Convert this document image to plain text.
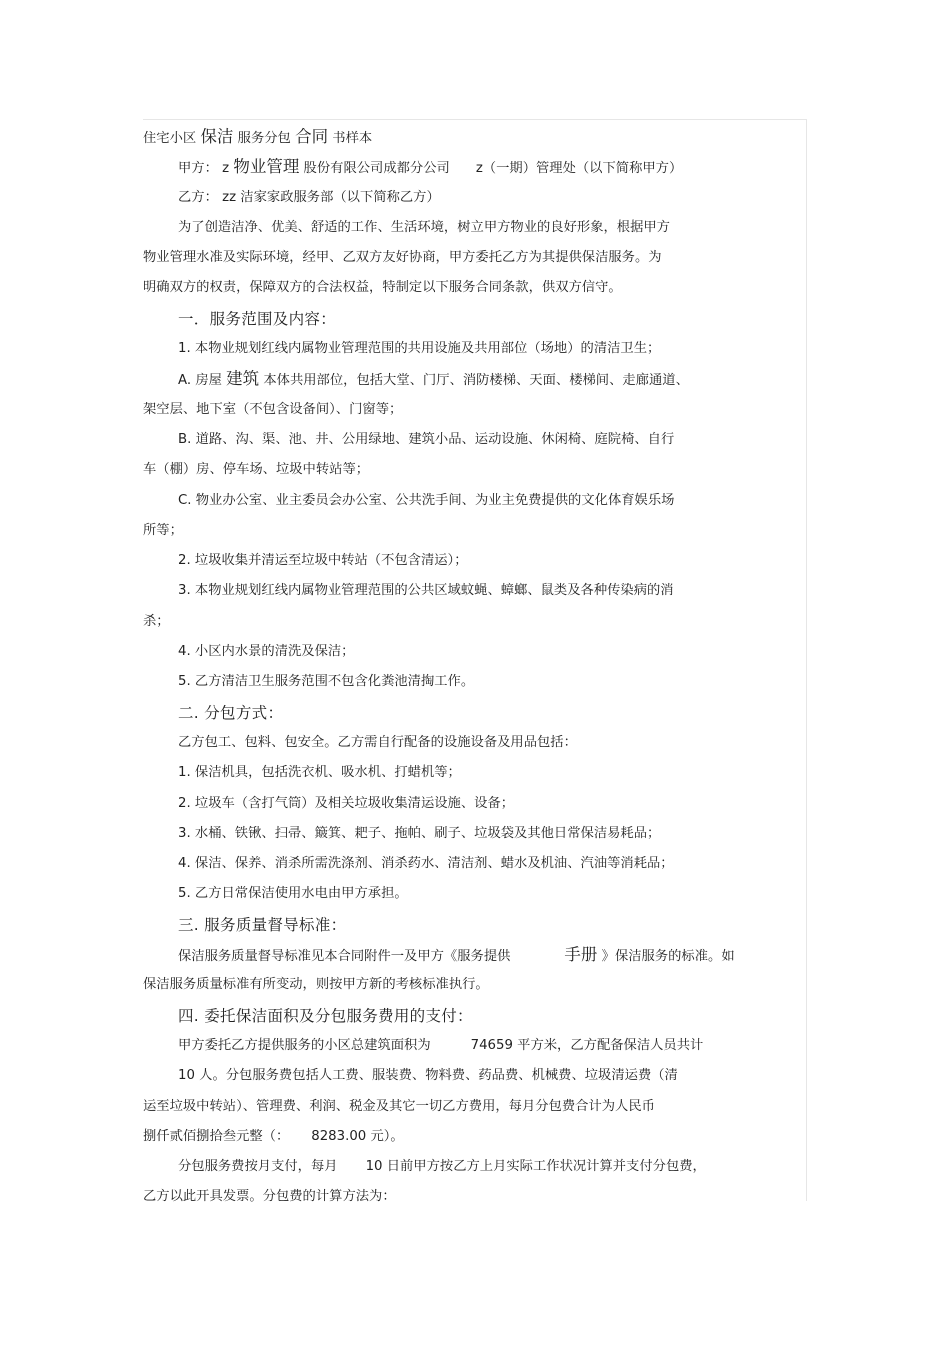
住宅小区 保洁 服务分包 合同 书样本

甲方： z 物业管理 股份有限公司成都分公司 z（一期）管理处（以下简称甲方）

乙方： zz 洁家家政服务部（以下简称乙方）

为了创造洁净、优美、舒适的工作、生活环境，树立甲方物业的良好形象，根据甲方

物业管理水准及实际环境，经甲、乙双方友好协商，甲方委托乙方为其提供保洁服务。为

明确双方的权责，保障双方的合法权益，特制定以下服务合同条款，供双方信守。

一．服务范围及内容：

1. 本物业规划红线内属物业管理范围的共用设施及共用部位（场地）的清洁卫生；

A. 房屋 建筑 本体共用部位，包括大堂、门厅、消防楼梯、天面、楼梯间、走廊通道、

架空层、地下室（不包含设备间）、门窗等；

B. 道路、沟、渠、池、井、公用绿地、建筑小品、运动设施、休闲椅、庭院椅、自行

车（棚）房、停车场、垃圾中转站等；

C. 物业办公室、业主委员会办公室、公共洗手间、为业主免费提供的文化体育娱乐场

所等；

2. 垃圾收集并清运至垃圾中转站（不包含清运）；

3. 本物业规划红线内属物业管理范围的公共区域蚊蝇、蟑螂、鼠类及各种传染病的消

杀；

4. 小区内水景的清洗及保洁；

5. 乙方清洁卫生服务范围不包含化粪池清掏工作。

二. 分包方式：

乙方包工、包料、包安全。乙方需自行配备的设施设备及用品包括：

1. 保洁机具，包括洗衣机、吸水机、打蜡机等；

2. 垃圾车（含打气筒）及相关垃圾收集清运设施、设备；

3. 水桶、铁锹、扫帚、簸箕、耙子、拖帕、刷子、垃圾袋及其他日常保洁易耗品；

4. 保洁、保养、消杀所需洗涤剂、消杀药水、清洁剂、蜡水及机油、汽油等消耗品；

5. 乙方日常保洁使用水电由甲方承担。

三. 服务质量督导标准：

保洁服务质量督导标准见本合同附件一及甲方《服务提供	手册 》保洁服务的标准。如

保洁服务质量标准有所变动，则按甲方新的考核标准执行。

四. 委托保洁面积及分包服务费用的支付：

甲方委托乙方提供服务的小区总建筑面积为	74659 平方米，乙方配备保洁人员共计

10 人。分包服务费包括人工费、服装费、物料费、药品费、机械费、垃圾清运费（清

运至垃圾中转站）、管理费、利润、税金及其它一切乙方费用，每月分包费合计为人民币

捌仟贰佰捌拾叁元整（： 8283.00 元）。

分包服务费按月支付，每月 10 日前甲方按乙方上月实际工作状况计算并支付分包费，

乙方以此开具发票。分包费的计算方法为：
